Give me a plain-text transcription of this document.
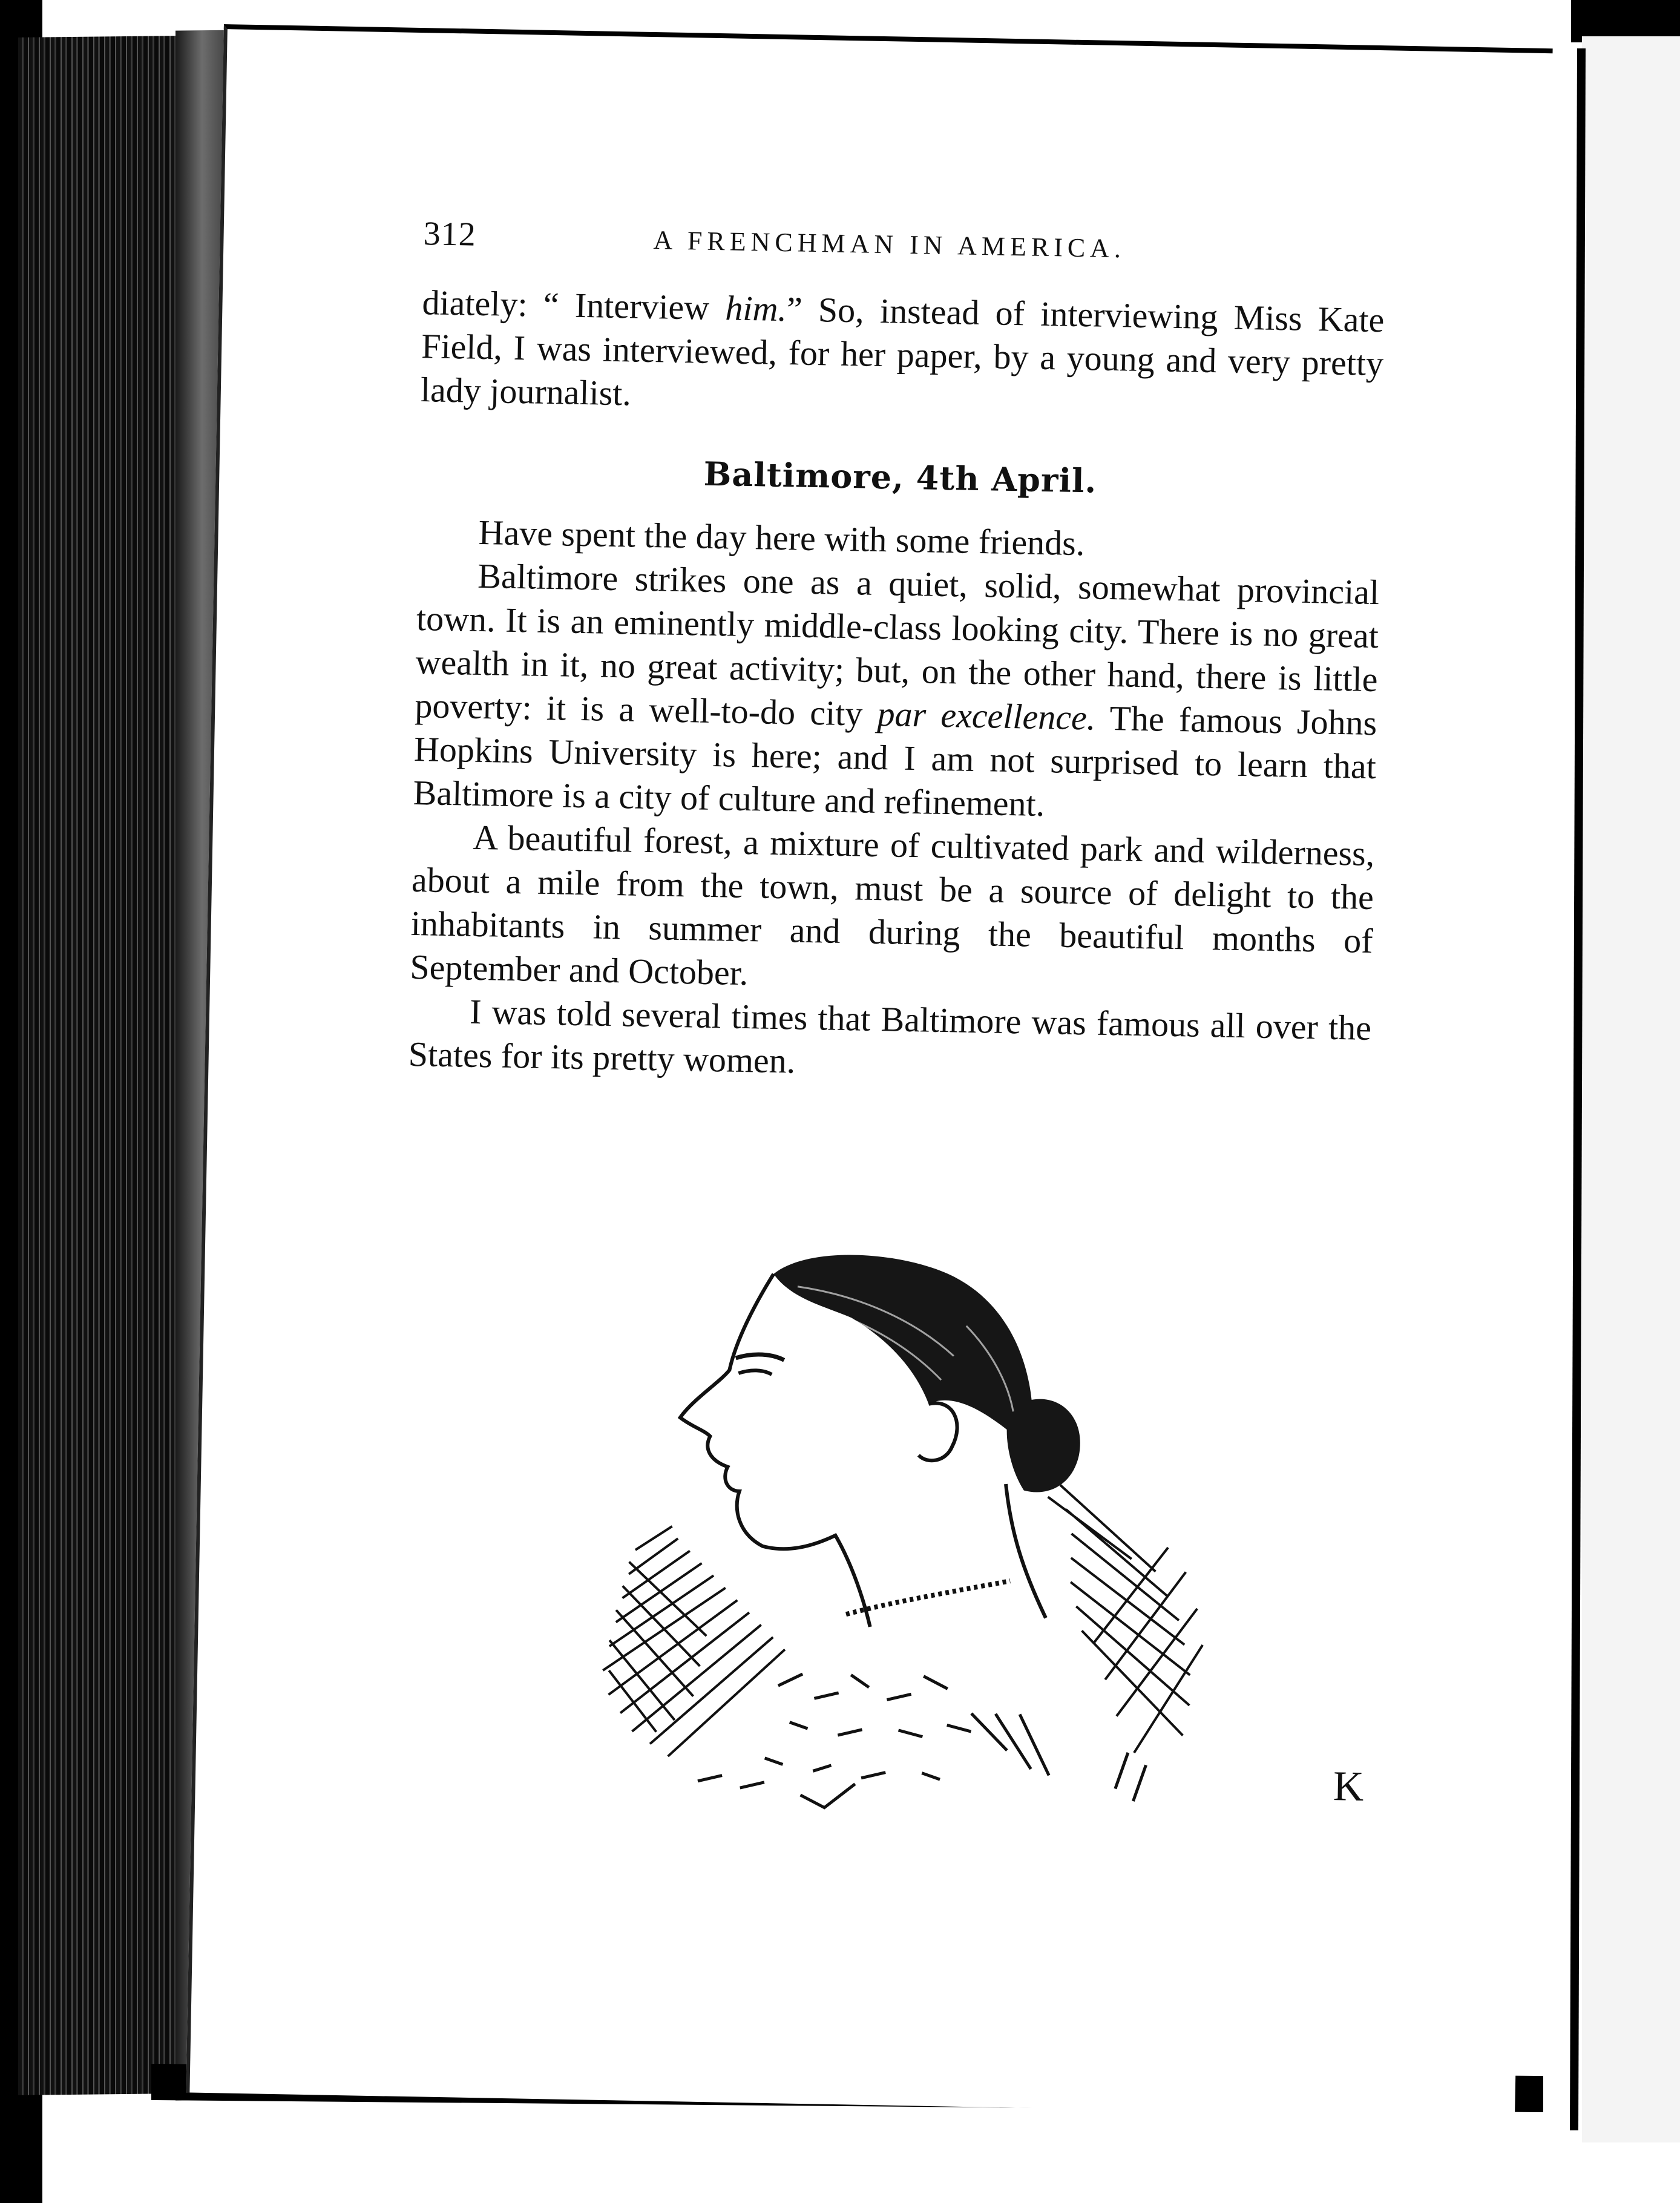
312	A FRENCHMAN IN AMERICA.

diately: “ Interview him.” So, instead of interviewing Miss Kate Field, I was interviewed, for her paper, by a young and very pretty lady journalist.

Baltimore, 4th April.

Have spent the day here with some friends.

Baltimore strikes one as a quiet, solid, somewhat provincial town. It is an eminently middle-class looking city. There is no great wealth in it, no great activity; but, on the other hand, there is little poverty: it is a well-to-do city par excellence. The famous Johns Hopkins University is here; and I am not surprised to learn that Baltimore is a city of culture and refinement.

A beautiful forest, a mixture of cultivated park and wilderness, about a mile from the town, must be a source of delight to the inhabitants in summer and during the beautiful months of September and October.

I was told several times that Baltimore was famous all over the States for its pretty women.

K
